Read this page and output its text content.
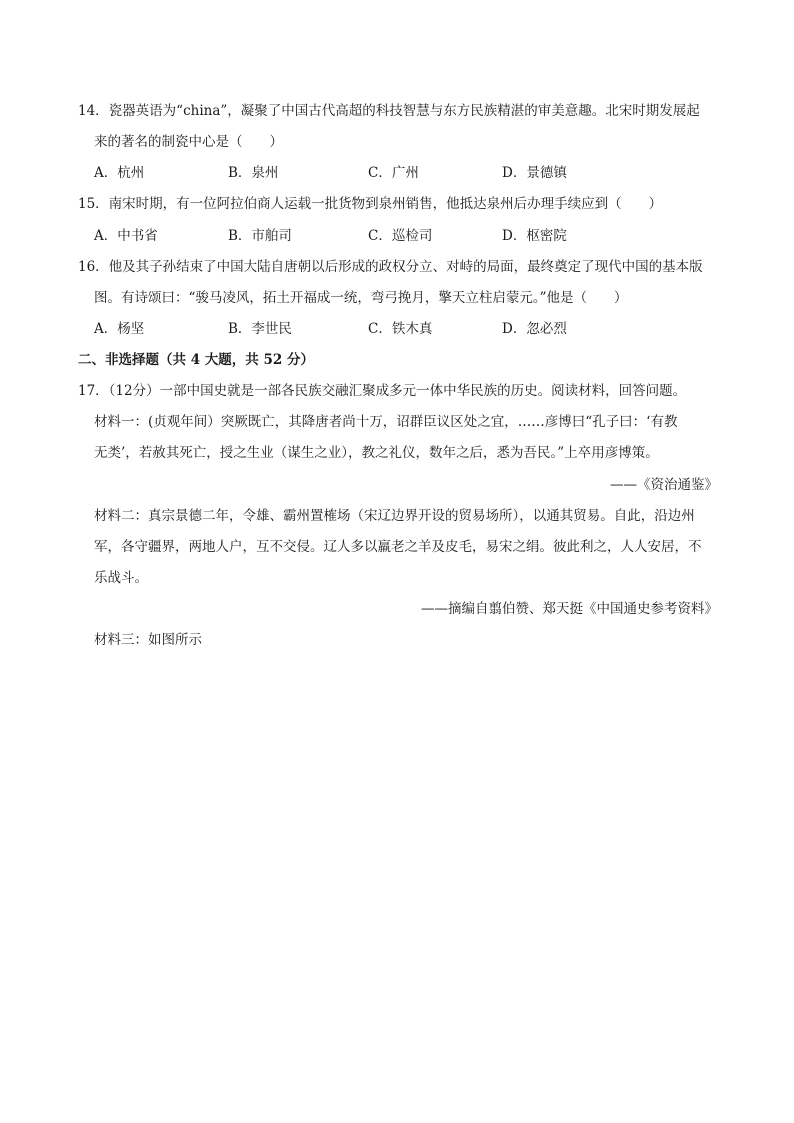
14．瓷器英语为“china”，凝聚了中国古代高超的科技智慧与东方民族精湛的审美意趣。北宋时期发展起
来的著名的制瓷中心是（　　）
A．杭州	B．泉州	C．广州	D．景德镇
15．南宋时期，有一位阿拉伯商人运载一批货物到泉州销售，他抵达泉州后办理手续应到（　　）
A．中书省	B．市舶司	C．巡检司	D．枢密院
16．他及其子孙结束了中国大陆自唐朝以后形成的政权分立、对峙的局面，最终奠定了现代中国的基本版
图。有诗颂曰：“骏马凌风，拓土开福成一统，弯弓挽月，擎天立柱启蒙元。”他是（　　）
A．杨坚	B．李世民	C．铁木真	D．忽必烈
二、非选择题（共 4 大题，共 52 分）
17．（12分）一部中国史就是一部各民族交融汇聚成多元一体中华民族的历史。阅读材料，回答问题。
材料一：(贞观年间）突厥既亡，其降唐者尚十万，诏群臣议区处之宜，……彦博曰“孔子曰：‘有教
无类’，若赦其死亡，授之生业（谋生之业），教之礼仪，数年之后，悉为吾民。”上卒用彦博策。
——《资治通鉴》
材料二：真宗景德二年，令雄、霸州置榷场（宋辽边界开设的贸易场所），以通其贸易。自此，沿边州
军，各守疆界，两地人户，互不交侵。辽人多以羸老之羊及皮毛，易宋之绢。彼此利之，人人安居，不
乐战斗。
——摘编自翦伯赞、郑天挺《中国通史参考资料》
材料三：如图所示
